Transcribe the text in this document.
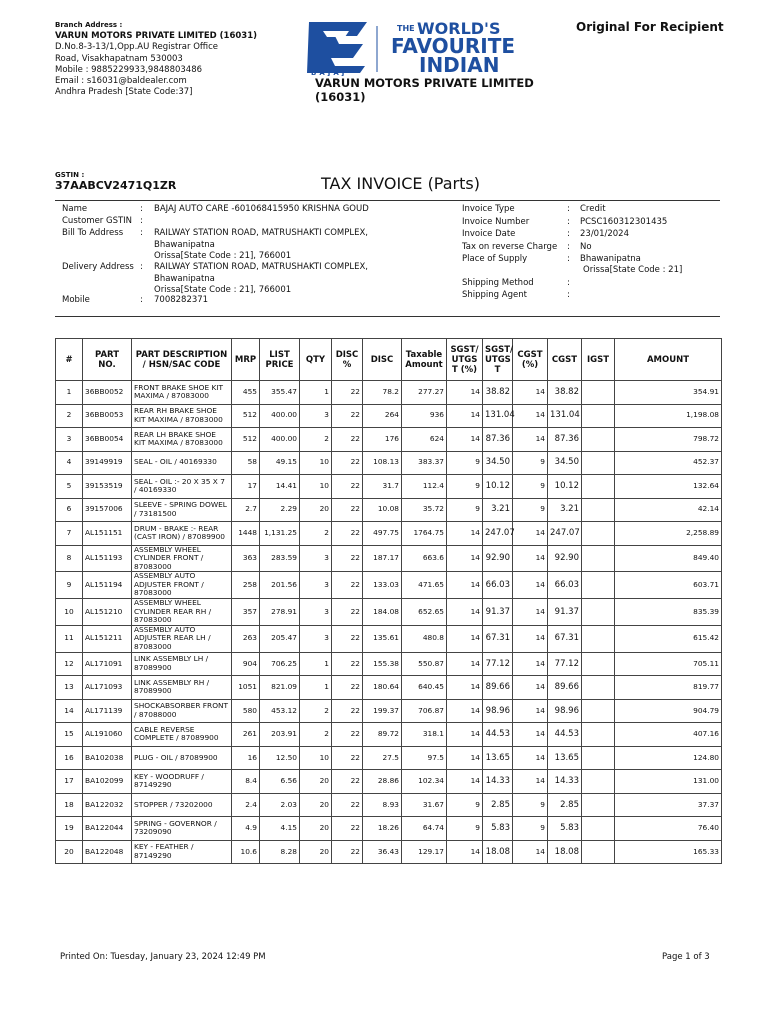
Branch Address :
VARUN MOTORS PRIVATE LIMITED (16031)
D.No.8-3-13/1,Opp.AU Registrar Office
Road, Visakhapatnam 530003
Mobile : 9885229933,9848803486
Email : s16031@baldealer.com
Andhra Pradesh [State Code:37]
BAJAJ
THE WORLD'S
FAVOURITE
INDIAN
VARUN MOTORS PRIVATE LIMITED (16031)
Original For Recipient
GSTIN :
37AABCV2471Q1ZR	TAX INVOICE (Parts)
Name	: BAJAJ AUTO CARE -601068415950 KRISHNA GOUD
Customer GSTIN :
Bill To Address : RAILWAY STATION ROAD, MATRUSHAKTI COMPLEX,
Bhawanipatna
Orissa[State Code : 21], 766001
Delivery Address : RAILWAY STATION ROAD, MATRUSHAKTI COMPLEX,
Bhawanipatna
Orissa[State Code : 21], 766001
Mobile	: 7008282371
Invoice Type	: Credit
Invoice Number	: PCSC160312301435
Invoice Date	: 23/01/2024
Tax on reverse Charge : No
Place of Supply	: Bhawanipatna
Orissa[State Code : 21]
Shipping Method	:
Shipping Agent	:
#	PART NO.	PART DESCRIPTION / HSN/SAC CODE	MRP	LIST PRICE	QTY	DISC %	DISC	Taxable Amount	SGST/ UTGS T (%)	SGST/ UTGS T	CGST (%)	CGST	IGST	AMOUNT
1	36BB0052	FRONT BRAKE SHOE KIT MAXIMA / 87083000	455	355.47	1	22	78.2	277.27	14	38.82	14	38.82		354.91
2	36BB0053	REAR RH BRAKE SHOE KIT MAXIMA / 87083000	512	400.00	3	22	264	936	14	131.04	14	131.04		1,198.08
3	36BB0054	REAR LH BRAKE SHOE KIT MAXIMA / 87083000	512	400.00	2	22	176	624	14	87.36	14	87.36		798.72
4	39149919	SEAL - OIL / 40169330	58	49.15	10	22	108.13	383.37	9	34.50	9	34.50		452.37
5	39153519	SEAL - OIL :- 20 X 35 X 7 / 40169330	17	14.41	10	22	31.7	112.4	9	10.12	9	10.12		132.64
6	39157006	SLEEVE - SPRING DOWEL / 73181500	2.7	2.29	20	22	10.08	35.72	9	3.21	9	3.21		42.14
7	AL151151	DRUM - BRAKE :- REAR (CAST IRON) / 87089900	1448	1,131.25	2	22	497.75	1764.75	14	247.07	14	247.07		2,258.89
8	AL151193	ASSEMBLY WHEEL CYLINDER FRONT / 87083000	363	283.59	3	22	187.17	663.6	14	92.90	14	92.90		849.40
9	AL151194	ASSEMBLY AUTO ADJUSTER FRONT / 87083000	258	201.56	3	22	133.03	471.65	14	66.03	14	66.03		603.71
10	AL151210	ASSEMBLY WHEEL CYLINDER REAR RH / 87083000	357	278.91	3	22	184.08	652.65	14	91.37	14	91.37		835.39
11	AL151211	ASSEMBLY AUTO ADJUSTER REAR LH / 87083000	263	205.47	3	22	135.61	480.8	14	67.31	14	67.31		615.42
12	AL171091	LINK ASSEMBLY LH / 87089900	904	706.25	1	22	155.38	550.87	14	77.12	14	77.12		705.11
13	AL171093	LINK ASSEMBLY RH / 87089900	1051	821.09	1	22	180.64	640.45	14	89.66	14	89.66		819.77
14	AL171139	SHOCKABSORBER FRONT / 87088000	580	453.12	2	22	199.37	706.87	14	98.96	14	98.96		904.79
15	AL191060	CABLE REVERSE COMPLETE / 87089900	261	203.91	2	22	89.72	318.1	14	44.53	14	44.53		407.16
16	BA102038	PLUG - OIL / 87089900	16	12.50	10	22	27.5	97.5	14	13.65	14	13.65		124.80
17	BA102099	KEY - WOODRUFF / 87149290	8.4	6.56	20	22	28.86	102.34	14	14.33	14	14.33		131.00
18	BA122032	STOPPER / 73202000	2.4	2.03	20	22	8.93	31.67	9	2.85	9	2.85		37.37
19	BA122044	SPRING - GOVERNOR / 73209090	4.9	4.15	20	22	18.26	64.74	9	5.83	9	5.83		76.40
20	BA122048	KEY - FEATHER / 87149290	10.6	8.28	20	22	36.43	129.17	14	18.08	14	18.08		165.33
Printed On: Tuesday, January 23, 2024 12:49 PM	Page 1 of 3
